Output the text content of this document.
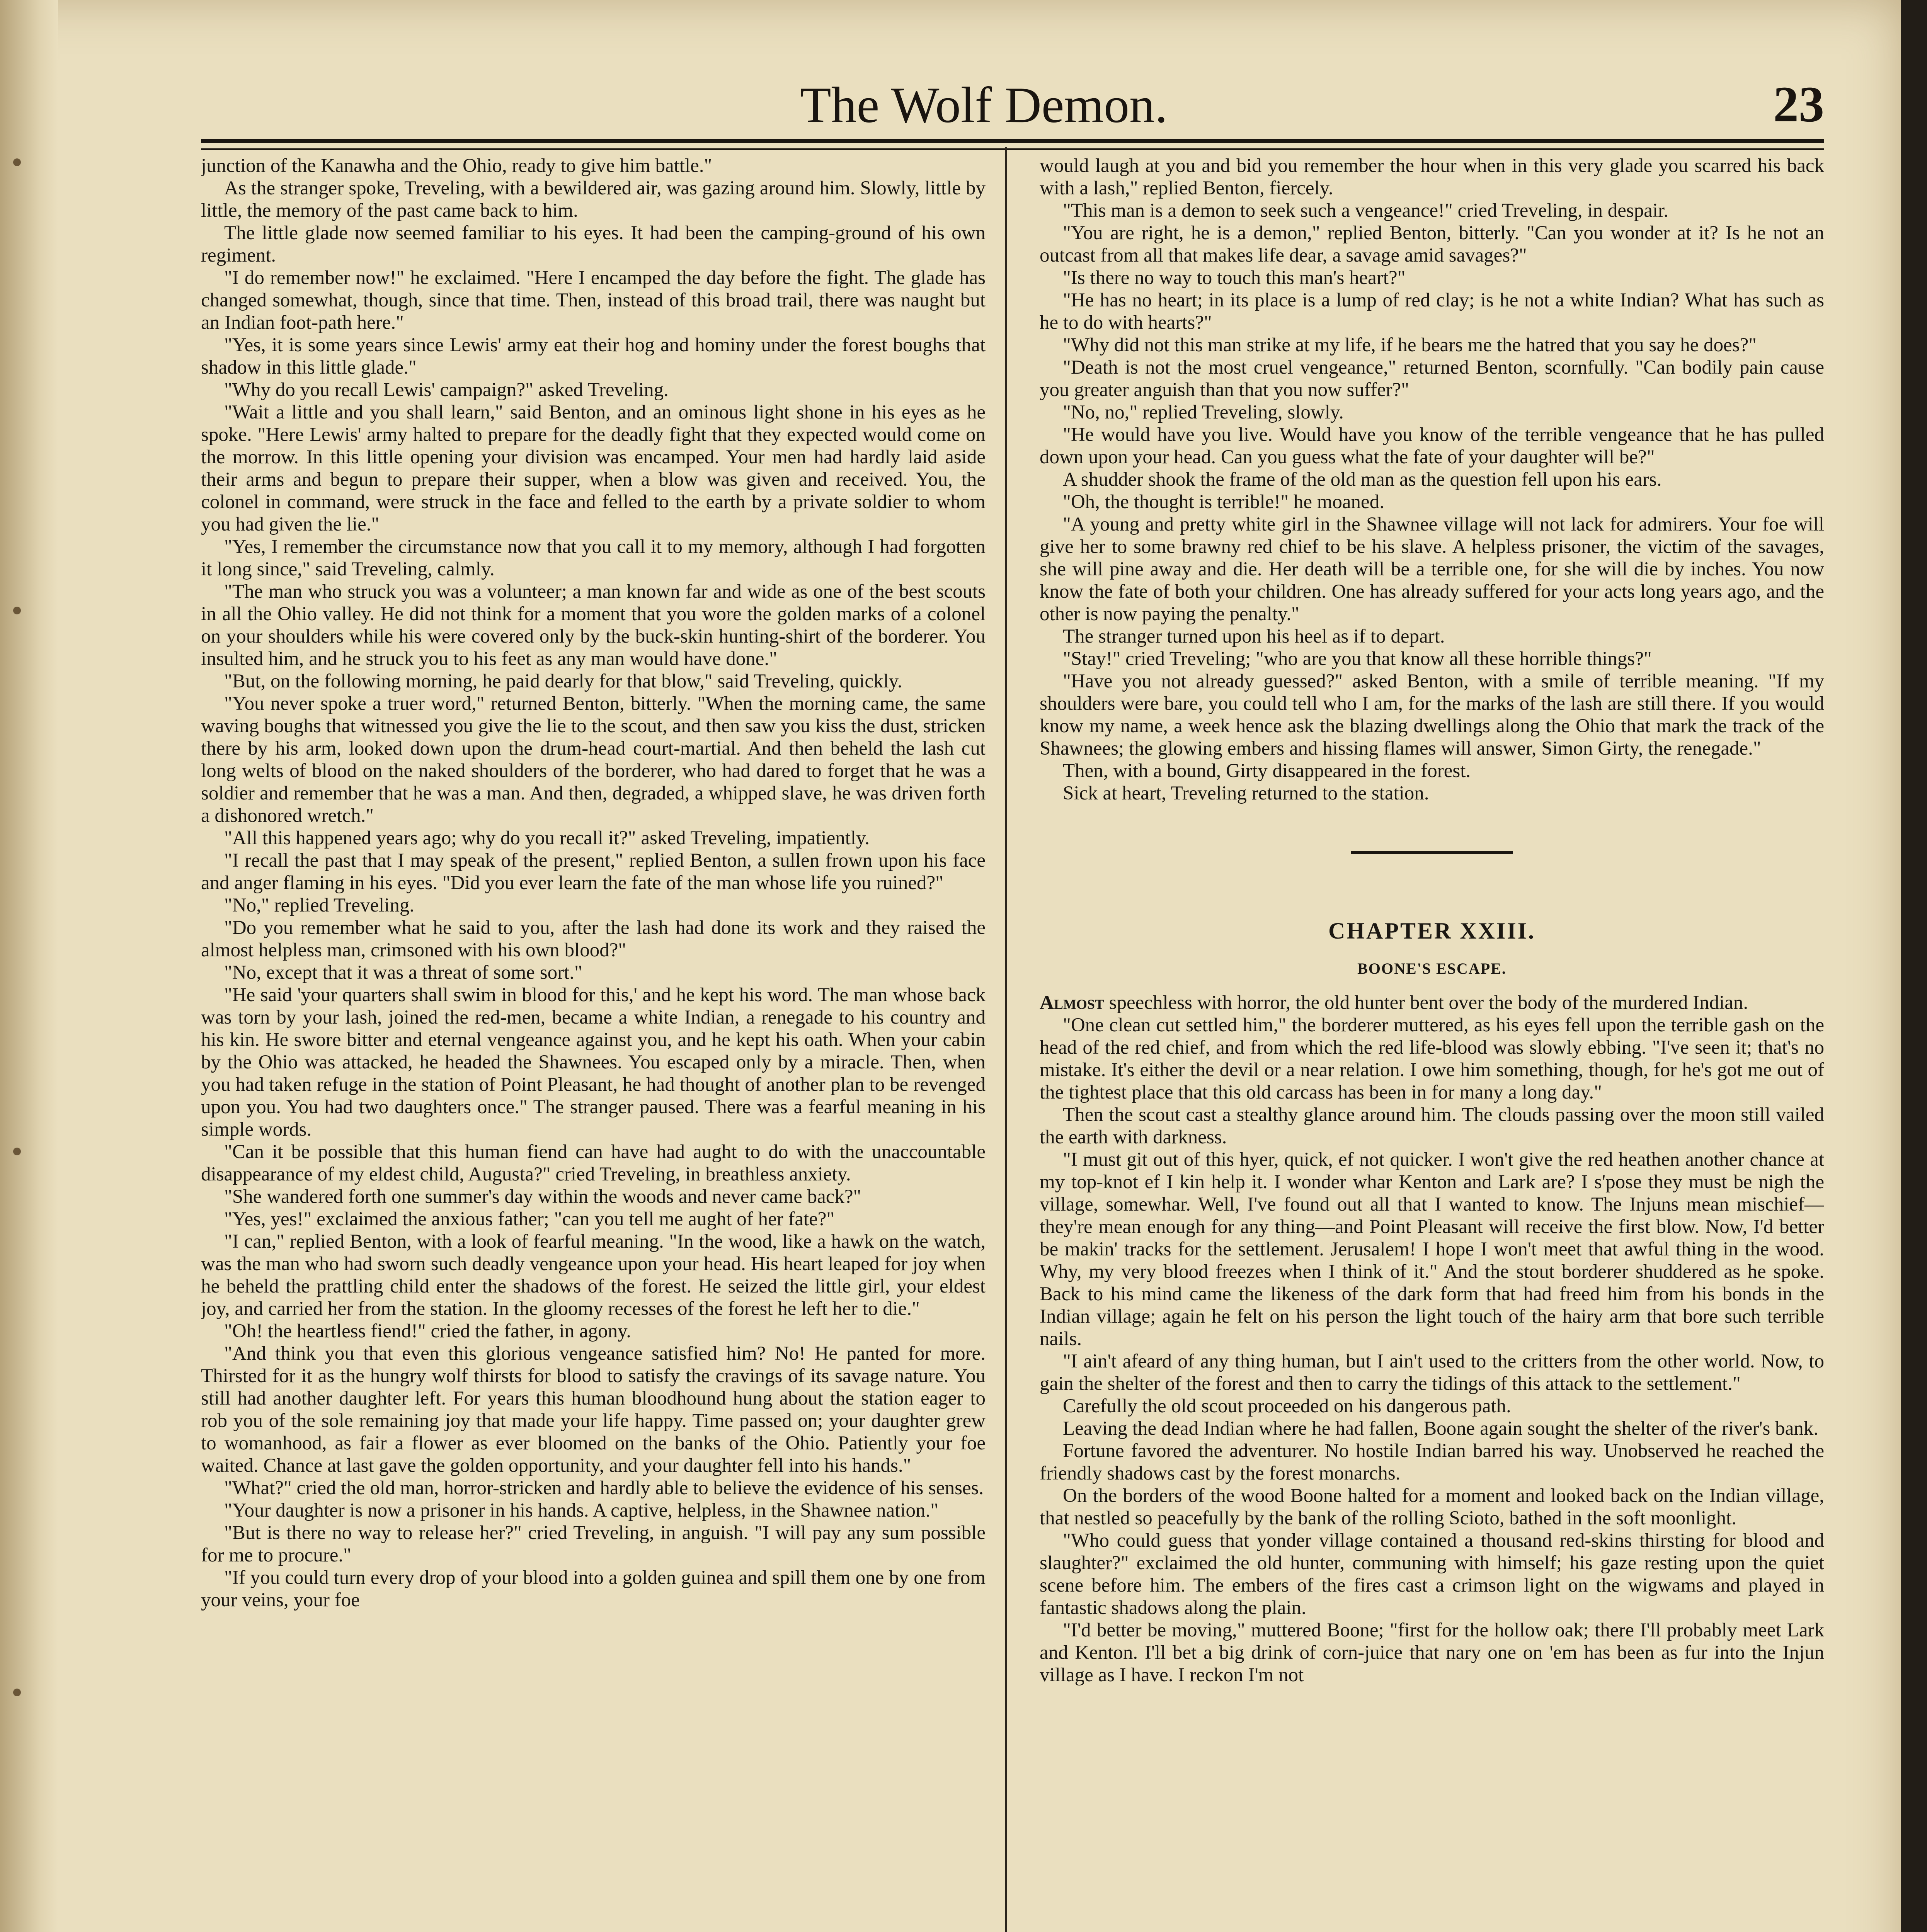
The Wolf Demon.	23

junction of the Kanawha and the Ohio, ready to give him battle."

As the stranger spoke, Treveling, with a bewildered air, was gazing around him. Slowly, little by little, the memory of the past came back to him.

The little glade now seemed familiar to his eyes. It had been the camping-ground of his own regiment.

"I do remember now!" he exclaimed. "Here I encamped the day before the fight. The glade has changed somewhat, though, since that time. Then, instead of this broad trail, there was naught but an Indian foot-path here."

"Yes, it is some years since Lewis' army eat their hog and hominy under the forest boughs that shadow in this little glade."

"Why do you recall Lewis' campaign?" asked Treveling.

"Wait a little and you shall learn," said Benton, and an ominous light shone in his eyes as he spoke. "Here Lewis' army halted to prepare for the deadly fight that they expected would come on the morrow. In this little opening your division was encamped. Your men had hardly laid aside their arms and begun to prepare their supper, when a blow was given and received. You, the colonel in command, were struck in the face and felled to the earth by a private soldier to whom you had given the lie."

"Yes, I remember the circumstance now that you call it to my memory, although I had forgotten it long since," said Treveling, calmly.

"The man who struck you was a volunteer; a man known far and wide as one of the best scouts in all the Ohio valley. He did not think for a moment that you wore the golden marks of a colonel on your shoulders while his were covered only by the buck-skin hunting-shirt of the borderer. You insulted him, and he struck you to his feet as any man would have done."

"But, on the following morning, he paid dearly for that blow," said Treveling, quickly.

"You never spoke a truer word," returned Benton, bitterly. "When the morning came, the same waving boughs that witnessed you give the lie to the scout, and then saw you kiss the dust, stricken there by his arm, looked down upon the drum-head court-martial. And then beheld the lash cut long welts of blood on the naked shoulders of the borderer, who had dared to forget that he was a soldier and remember that he was a man. And then, degraded, a whipped slave, he was driven forth a dishonored wretch."

"All this happened years ago; why do you recall it?" asked Treveling, impatiently.

"I recall the past that I may speak of the present," replied Benton, a sullen frown upon his face and anger flaming in his eyes. "Did you ever learn the fate of the man whose life you ruined?"

"No," replied Treveling.

"Do you remember what he said to you, after the lash had done its work and they raised the almost helpless man, crimsoned with his own blood?"

"No, except that it was a threat of some sort."

"He said 'your quarters shall swim in blood for this,' and he kept his word. The man whose back was torn by your lash, joined the red-men, became a white Indian, a renegade to his country and his kin. He swore bitter and eternal vengeance against you, and he kept his oath. When your cabin by the Ohio was attacked, he headed the Shawnees. You escaped only by a miracle. Then, when you had taken refuge in the station of Point Pleasant, he had thought of another plan to be revenged upon you. You had two daughters once." The stranger paused. There was a fearful meaning in his simple words.

"Can it be possible that this human fiend can have had aught to do with the unaccountable disappearance of my eldest child, Augusta?" cried Treveling, in breathless anxiety.

"She wandered forth one summer's day within the woods and never came back?"

"Yes, yes!" exclaimed the anxious father; "can you tell me aught of her fate?"

"I can," replied Benton, with a look of fearful meaning. "In the wood, like a hawk on the watch, was the man who had sworn such deadly vengeance upon your head. His heart leaped for joy when he beheld the prattling child enter the shadows of the forest. He seized the little girl, your eldest joy, and carried her from the station. In the gloomy recesses of the forest he left her to die."

"Oh! the heartless fiend!" cried the father, in agony.

"And think you that even this glorious vengeance satisfied him? No! He panted for more. Thirsted for it as the hungry wolf thirsts for blood to satisfy the cravings of its savage nature. You still had another daughter left. For years this human bloodhound hung about the station eager to rob you of the sole remaining joy that made your life happy. Time passed on; your daughter grew to womanhood, as fair a flower as ever bloomed on the banks of the Ohio. Patiently your foe waited. Chance at last gave the golden opportunity, and your daughter fell into his hands."

"What?" cried the old man, horror-stricken and hardly able to believe the evidence of his senses.

"Your daughter is now a prisoner in his hands. A captive, helpless, in the Shawnee nation."

"But is there no way to release her?" cried Treveling, in anguish. "I will pay any sum possible for me to procure."

"If you could turn every drop of your blood into a golden guinea and spill them one by one from your veins, your foe

would laugh at you and bid you remember the hour when in this very glade you scarred his back with a lash," replied Benton, fiercely.

"This man is a demon to seek such a vengeance!" cried Treveling, in despair.

"You are right, he is a demon," replied Benton, bitterly. "Can you wonder at it? Is he not an outcast from all that makes life dear, a savage amid savages?"

"Is there no way to touch this man's heart?"

"He has no heart; in its place is a lump of red clay; is he not a white Indian? What has such as he to do with hearts?"

"Why did not this man strike at my life, if he bears me the hatred that you say he does?"

"Death is not the most cruel vengeance," returned Benton, scornfully. "Can bodily pain cause you greater anguish than that you now suffer?"

"No, no," replied Treveling, slowly.

"He would have you live. Would have you know of the terrible vengeance that he has pulled down upon your head. Can you guess what the fate of your daughter will be?"

A shudder shook the frame of the old man as the question fell upon his ears.

"Oh, the thought is terrible!" he moaned.

"A young and pretty white girl in the Shawnee village will not lack for admirers. Your foe will give her to some brawny red chief to be his slave. A helpless prisoner, the victim of the savages, she will pine away and die. Her death will be a terrible one, for she will die by inches. You now know the fate of both your children. One has already suffered for your acts long years ago, and the other is now paying the penalty."

The stranger turned upon his heel as if to depart.

"Stay!" cried Treveling; "who are you that know all these horrible things?"

"Have you not already guessed?" asked Benton, with a smile of terrible meaning. "If my shoulders were bare, you could tell who I am, for the marks of the lash are still there. If you would know my name, a week hence ask the blazing dwellings along the Ohio that mark the track of the Shawnees; the glowing embers and hissing flames will answer, Simon Girty, the renegade."

Then, with a bound, Girty disappeared in the forest.

Sick at heart, Treveling returned to the station.

CHAPTER XXIII.
BOONE'S ESCAPE.

Almost speechless with horror, the old hunter bent over the body of the murdered Indian.

"One clean cut settled him," the borderer muttered, as his eyes fell upon the terrible gash on the head of the red chief, and from which the red life-blood was slowly ebbing. "I've seen it; that's no mistake. It's either the devil or a near relation. I owe him something, though, for he's got me out of the tightest place that this old carcass has been in for many a long day."

Then the scout cast a stealthy glance around him. The clouds passing over the moon still vailed the earth with darkness.

"I must git out of this hyer, quick, ef not quicker. I won't give the red heathen another chance at my top-knot ef I kin help it. I wonder whar Kenton and Lark are? I s'pose they must be nigh the village, somewhar. Well, I've found out all that I wanted to know. The Injuns mean mischief—they're mean enough for any thing—and Point Pleasant will receive the first blow. Now, I'd better be makin' tracks for the settlement. Jerusalem! I hope I won't meet that awful thing in the wood. Why, my very blood freezes when I think of it." And the stout borderer shuddered as he spoke. Back to his mind came the likeness of the dark form that had freed him from his bonds in the Indian village; again he felt on his person the light touch of the hairy arm that bore such terrible nails.

"I ain't afeard of any thing human, but I ain't used to the critters from the other world. Now, to gain the shelter of the forest and then to carry the tidings of this attack to the settlement."

Carefully the old scout proceeded on his dangerous path.

Leaving the dead Indian where he had fallen, Boone again sought the shelter of the river's bank.

Fortune favored the adventurer. No hostile Indian barred his way. Unobserved he reached the friendly shadows cast by the forest monarchs.

On the borders of the wood Boone halted for a moment and looked back on the Indian village, that nestled so peacefully by the bank of the rolling Scioto, bathed in the soft moonlight.

"Who could guess that yonder village contained a thousand red-skins thirsting for blood and slaughter?" exclaimed the old hunter, communing with himself; his gaze resting upon the quiet scene before him. The embers of the fires cast a crimson light on the wigwams and played in fantastic shadows along the plain.

"I'd better be moving," muttered Boone; "first for the hollow oak; there I'll probably meet Lark and Kenton. I'll bet a big drink of corn-juice that nary one on 'em has been as fur into the Injun village as I have. I reckon I'm not
